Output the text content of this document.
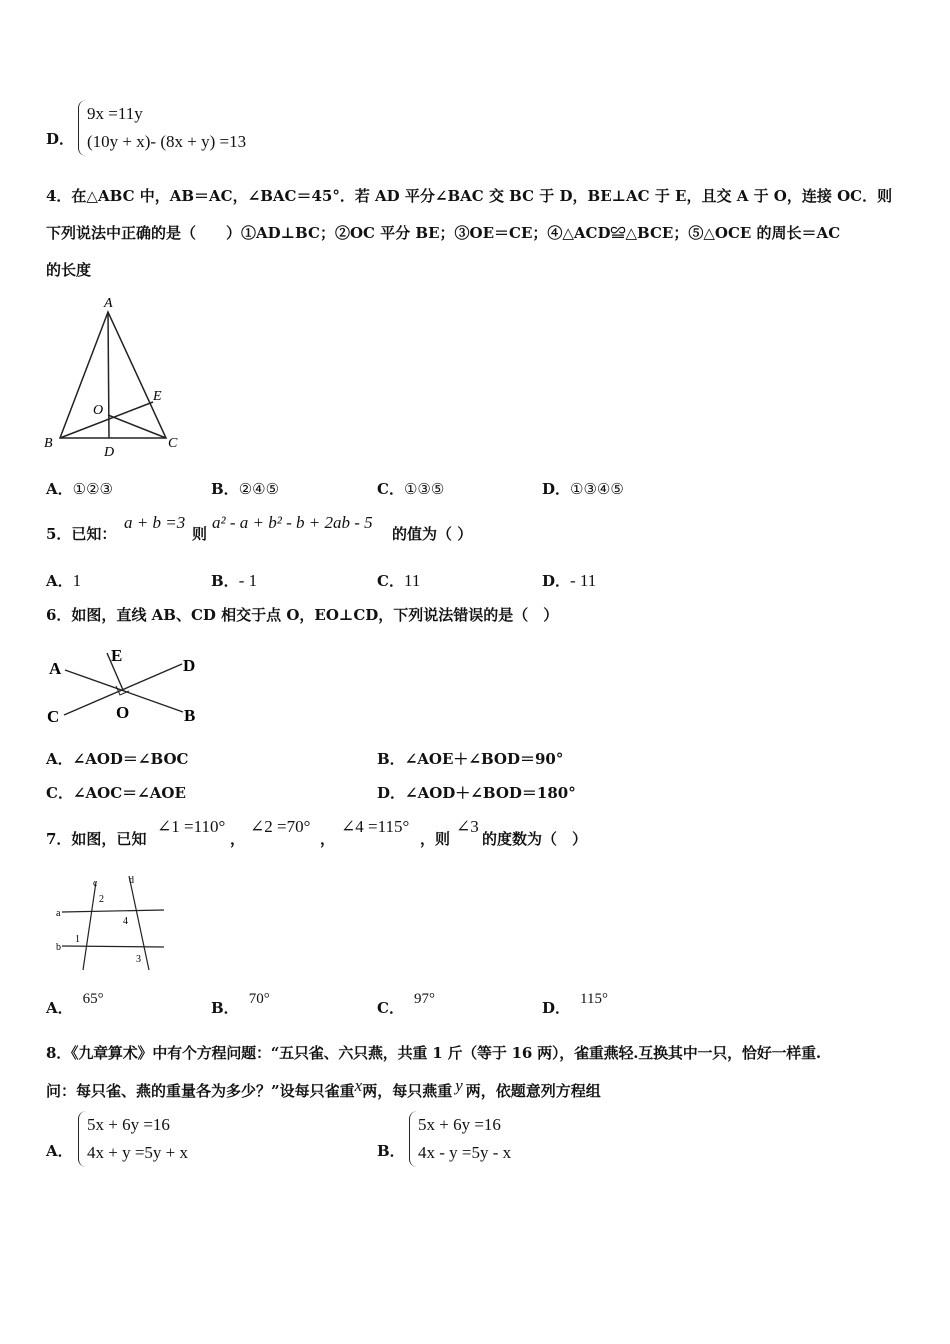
D．
9x =11y
(10y + x)- (8x + y) =13
4．在△ABC 中，AB＝AC，∠BAC＝45°．若 AD 平分∠BAC 交 BC 于 D，BE⊥AC 于 E，且交 A 于 O，连接 OC．则
下列说法中正确的是（　　）①AD⊥BC；②OC 平分 BE；③OE＝CE；④△ACD≌△BCE；⑤△OCE 的周长＝AC
的长度
A
B	C
D
E
O
A．①②③	B．②④⑤	C．①③⑤	D．①③④⑤
5．已知：
a + b =3
则
a² - a + b² - b + 2ab - 5
的值为（ ）
A．1	B．- 1	C．11	D．- 11
6．如图，直线 AB、CD 相交于点 O，EO⊥CD，下列说法错误的是（　）
A
B
C
D
E
O
A．∠AOD＝∠BOC	B．∠AOE＋∠BOD＝90°
C．∠AOC＝∠AOE	D．∠AOD＋∠BOD＝180°
7．如图，已知
∠1 =110°
，
∠2 =70°
，
∠4 =115°
，则
∠3
的度数为（　）
a
b
c	d
1
2
3
4
A． 65°	B． 70°	C． 97°	D． 115°
8．《九章算术》中有个方程问题：“五只雀、六只燕，共重 1 斤（等于 16 两），雀重燕轻.互换其中一只，恰好一样重.
问：每只雀、燕的重量各为多少？”设每只雀重x两，每只燕重 y 两，依题意列方程组
A．
5x + 6y =16
4x + y =5y + x	B．
5x + 6y =16
4x - y =5y - x
